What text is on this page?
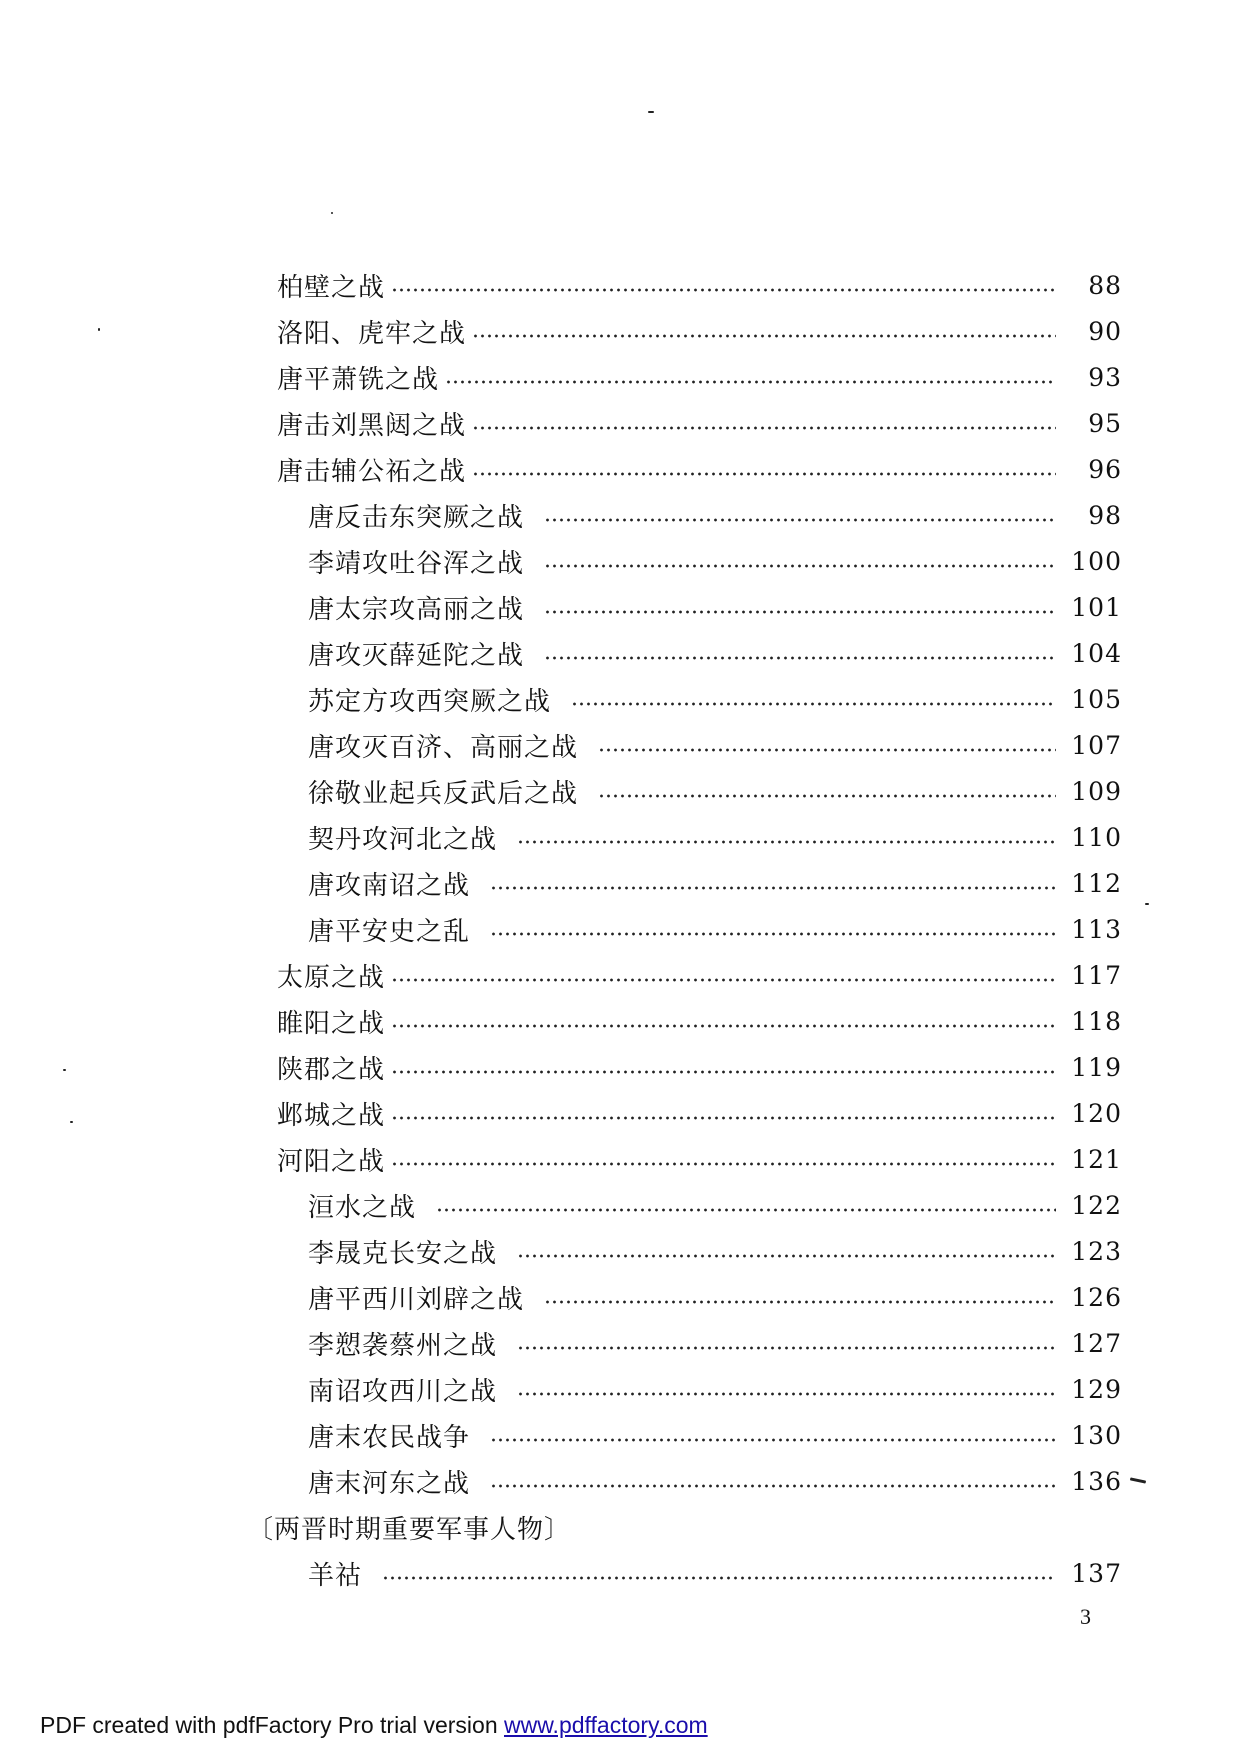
柏壁之战	88
洛阳、虎牢之战	90
唐平萧铣之战	93
唐击刘黑闼之战	95
唐击辅公祏之战	96
唐反击东突厥之战	98
李靖攻吐谷浑之战	100
唐太宗攻高丽之战	101
唐攻灭薛延陀之战	104
苏定方攻西突厥之战	105
唐攻灭百济、高丽之战	107
徐敬业起兵反武后之战	109
契丹攻河北之战	110
唐攻南诏之战	112
唐平安史之乱	113
太原之战	117
睢阳之战	118
陕郡之战	119
邺城之战	120
河阳之战	121
洹水之战	122
李晟克长安之战	123
唐平西川刘辟之战	126
李愬袭蔡州之战	127
南诏攻西川之战	129
唐末农民战争	130
唐末河东之战	136
〔两晋时期重要军事人物〕
羊祜	137
3
PDF created with pdfFactory Pro trial version www.pdffactory.com
